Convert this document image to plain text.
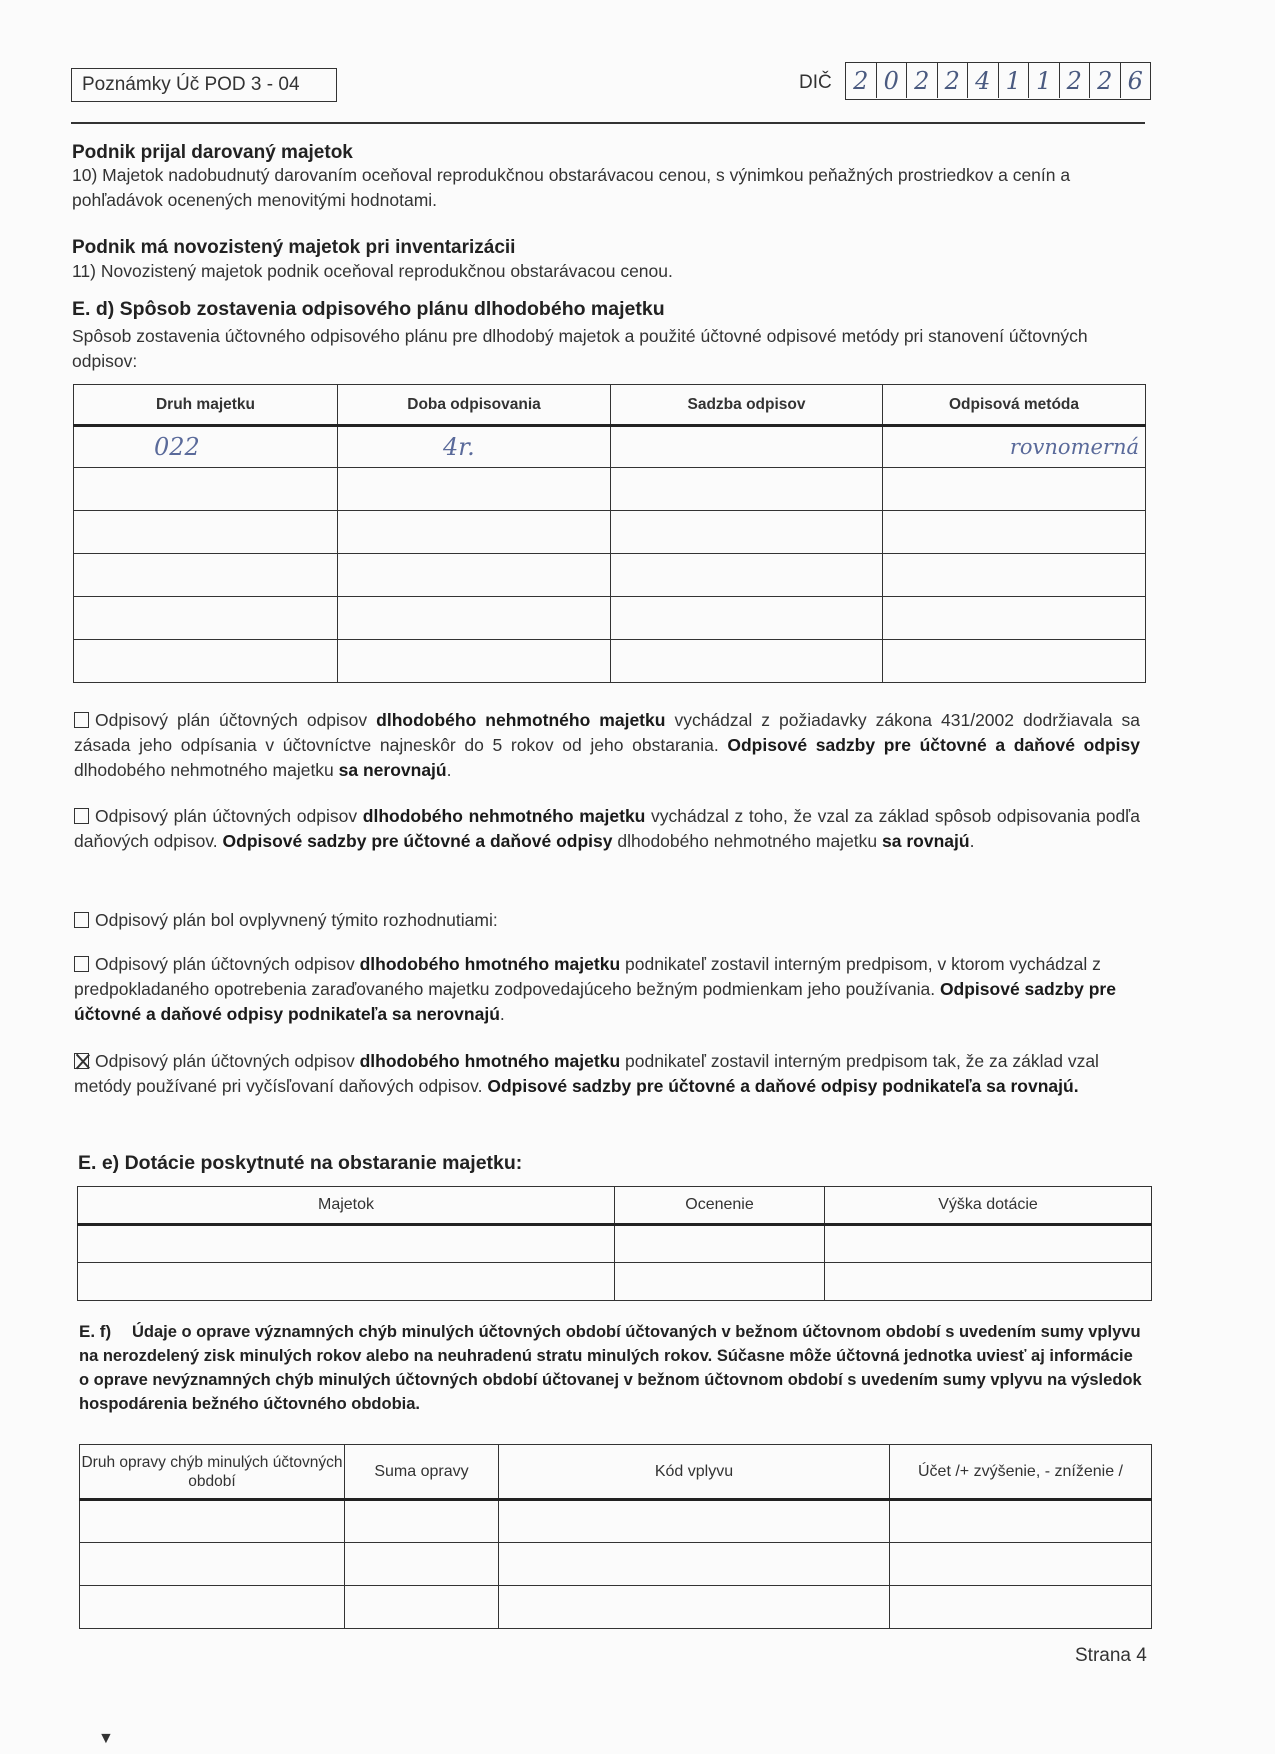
Poznámky Úč POD 3 - 04	DIČ 2 0 2 2 4 1 1 2 2 6
Podnik prijal darovaný majetok
10) Majetok nadobudnutý darovaním oceňoval reprodukčnou obstarávacou cenou, s výnimkou peňažných prostriedkov a cenín a pohľadávok ocenených menovitými hodnotami.
Podnik má novozistený majetok pri inventarizácii
11) Novozistený majetok podnik oceňoval reprodukčnou obstarávacou cenou.
E. d) Spôsob zostavenia odpisového plánu dlhodobého majetku
Spôsob zostavenia účtovného odpisového plánu pre dlhodobý majetok a použité účtovné odpisové metódy pri stanovení účtovných odpisov:
Druh majetku	Doba odpisovania	Sadzba odpisov	Odpisová metóda
022	4r.		rovnomerná

Odpisový plán účtovných odpisov dlhodobého nehmotného majetku vychádzal z požiadavky zákona 431/2002 dodržiavala sa zásada jeho odpísania v účtovníctve najneskôr do 5 rokov od jeho obstarania. Odpisové sadzby pre účtovné a daňové odpisy dlhodobého nehmotného majetku sa nerovnajú.
Odpisový plán účtovných odpisov dlhodobého nehmotného majetku vychádzal z toho, že vzal za základ spôsob odpisovania podľa daňových odpisov. Odpisové sadzby pre účtovné a daňové odpisy dlhodobého nehmotného majetku sa rovnajú.
Odpisový plán bol ovplyvnený týmito rozhodnutiami:
Odpisový plán účtovných odpisov dlhodobého hmotného majetku podnikateľ zostavil interným predpisom, v ktorom vychádzal z predpokladaného opotrebenia zaraďovaného majetku zodpovedajúceho bežným podmienkam jeho používania. Odpisové sadzby pre účtovné a daňové odpisy podnikateľa sa nerovnajú.
Odpisový plán účtovných odpisov dlhodobého hmotného majetku podnikateľ zostavil interným predpisom tak, že za základ vzal metódy používané pri vyčísľovaní daňových odpisov. Odpisové sadzby pre účtovné a daňové odpisy podnikateľa sa rovnajú.
E. e) Dotácie poskytnuté na obstaranie majetku:
Majetok	Ocenenie	Výška dotácie

E. f)	Údaje o oprave významných chýb minulých účtovných období účtovaných v bežnom účtovnom období s uvedením sumy vplyvu na nerozdelený zisk minulých rokov alebo na neuhradenú stratu minulých rokov. Súčasne môže účtovná jednotka uviesť aj informácie o oprave nevýznamných chýb minulých účtovných období účtovanej v bežnom účtovnom období s uvedením sumy vplyvu na výsledok hospodárenia bežného účtovného obdobia.
Druh opravy chýb minulých účtovných období	Suma opravy	Kód vplyvu	Účet /+ zvýšenie, - zníženie /

Strana 4
▼
